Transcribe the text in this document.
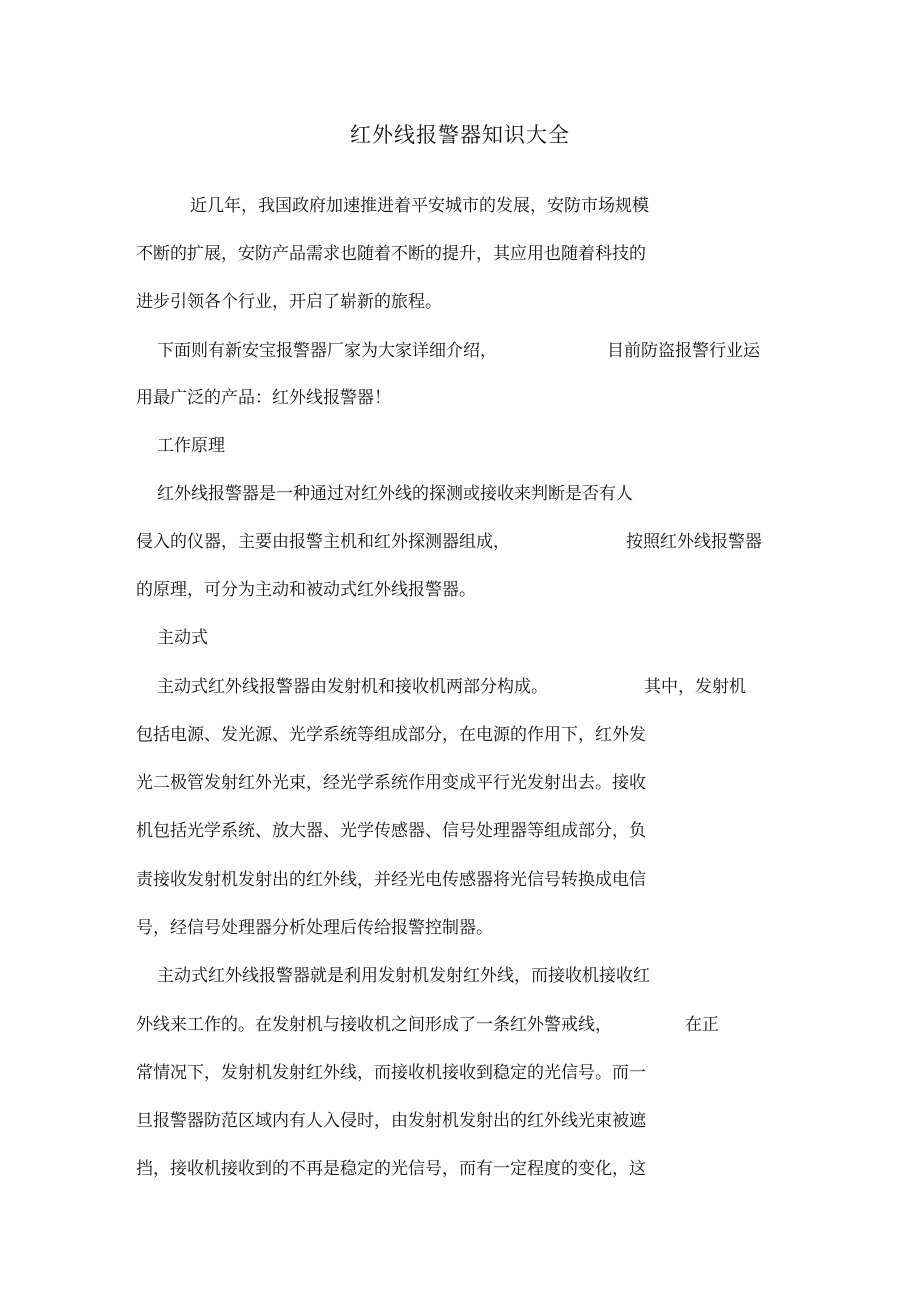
红外线报警器知识大全
近几年，我国政府加速推进着平安城市的发展，安防市场规模
不断的扩展，安防产品需求也随着不断的提升，其应用也随着科技的
进步引领各个行业，开启了崭新的旅程。
下面则有新安宝报警器厂家为大家详细介绍，	目前防盗报警行业运
用最广泛的产品：红外线报警器！
工作原理
红外线报警器是一种通过对红外线的探测或接收来判断是否有人
侵入的仪器，主要由报警主机和红外探测器组成，	按照红外线报警器
的原理，可分为主动和被动式红外线报警器。
主动式
主动式红外线报警器由发射机和接收机两部分构成。	其中，发射机
包括电源、发光源、光学系统等组成部分，在电源的作用下，红外发
光二极管发射红外光束，经光学系统作用变成平行光发射出去。接收
机包括光学系统、放大器、光学传感器、信号处理器等组成部分，负
责接收发射机发射出的红外线，并经光电传感器将光信号转换成电信
号，经信号处理器分析处理后传给报警控制器。
主动式红外线报警器就是利用发射机发射红外线，而接收机接收红
外线来工作的。在发射机与接收机之间形成了一条红外警戒线，	在正
常情况下，发射机发射红外线，而接收机接收到稳定的光信号。而一
旦报警器防范区域内有人入侵时，由发射机发射出的红外线光束被遮
挡，接收机接收到的不再是稳定的光信号，而有一定程度的变化，这
